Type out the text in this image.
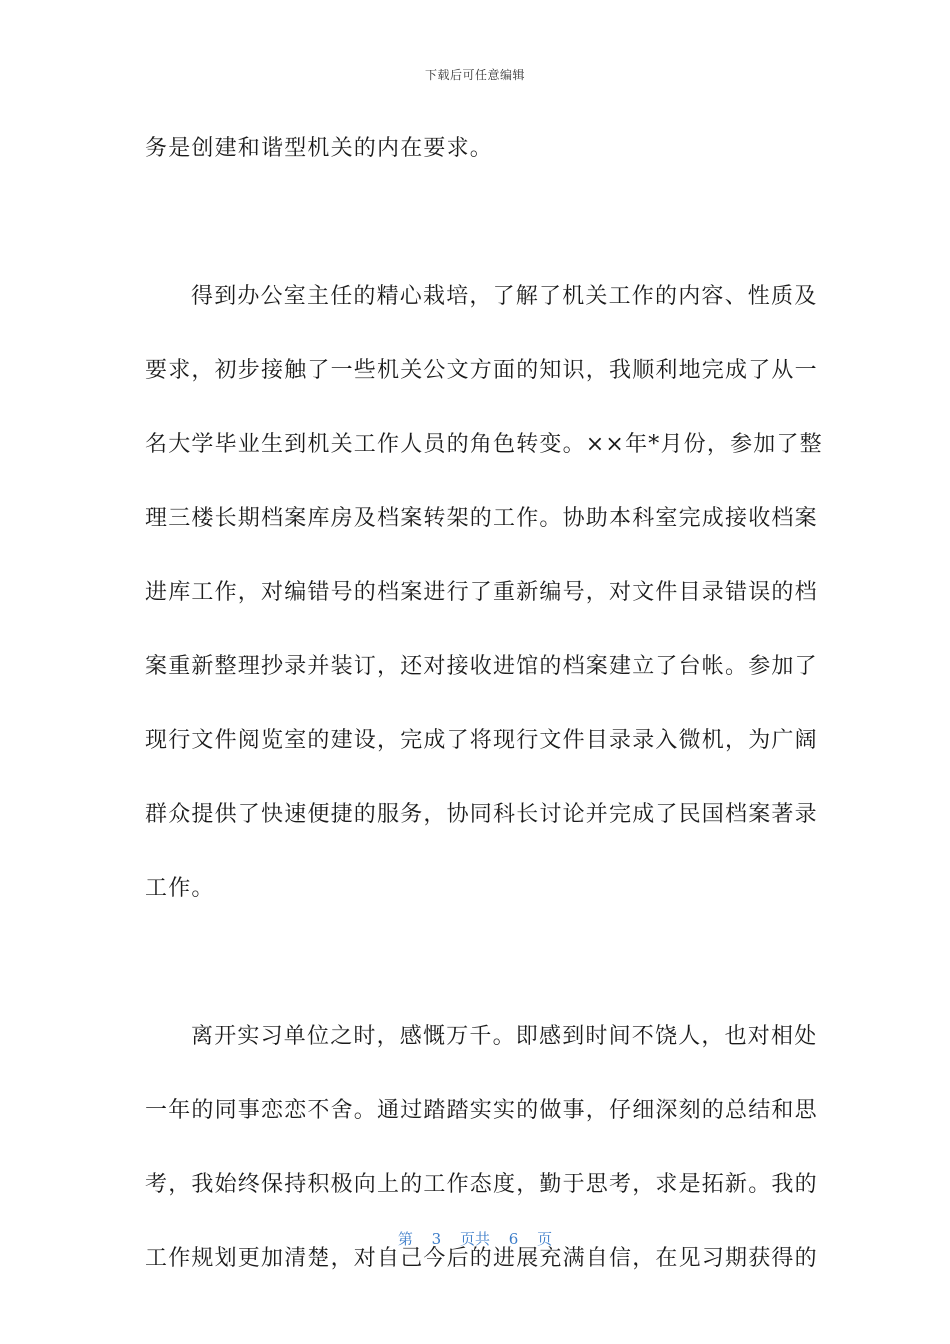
下载后可任意编辑
务是创建和谐型机关的内在要求。
得到办公室主任的精心栽培，了解了机关工作的内容、性质及
要求，初步接触了一些机关公文方面的知识，我顺利地完成了从一
名大学毕业生到机关工作人员的角色转变。××年*月份，参加了整
理三楼长期档案库房及档案转架的工作。协助本科室完成接收档案
进库工作，对编错号的档案进行了重新编号，对文件目录错误的档
案重新整理抄录并装订，还对接收进馆的档案建立了台帐。参加了
现行文件阅览室的建设，完成了将现行文件目录录入微机，为广阔
群众提供了快速便捷的服务，协同科长讨论并完成了民国档案著录
工作。
离开实习单位之时，感慨万千。即感到时间不饶人，也对相处
一年的同事恋恋不舍。通过踏踏实实的做事，仔细深刻的总结和思
考，我始终保持积极向上的工作态度，勤于思考，求是拓新。我的
工作规划更加清楚，对自己今后的进展充满自信，在见习期获得的
第 3 页共 6 页
